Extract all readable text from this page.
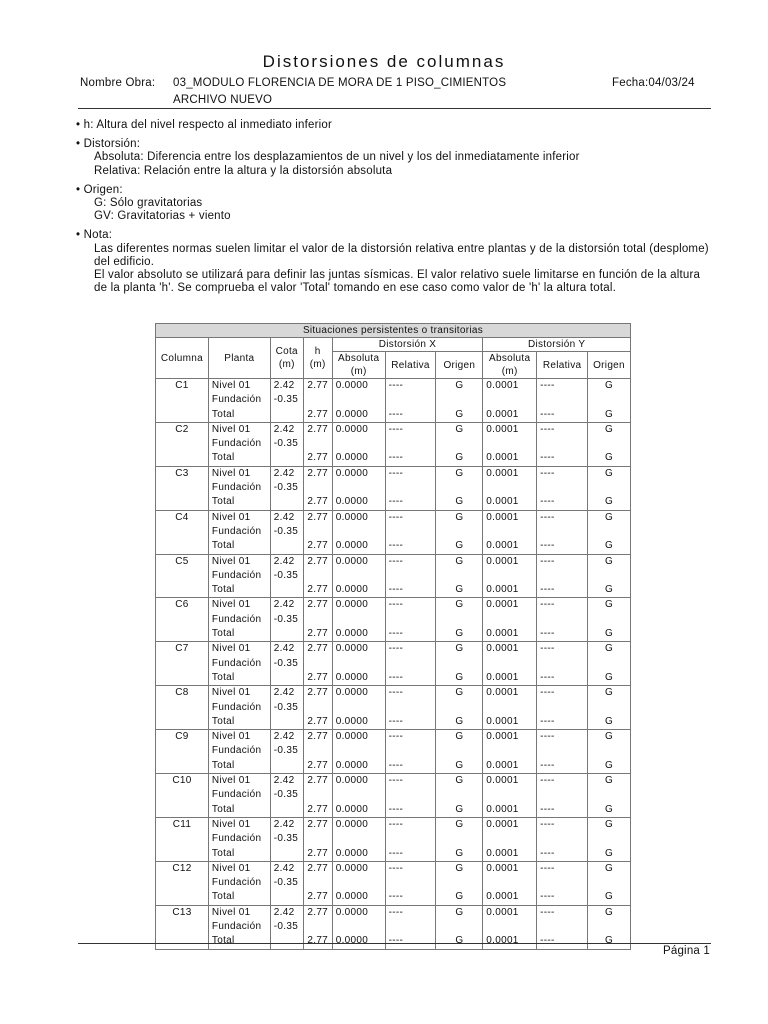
Distorsiones de columnas
Nombre Obra: 03_MODULO FLORENCIA DE MORA DE 1 PISO_CIMIENTOS
ARCHIVO NUEVO
Fecha:04/03/24
• h: Altura del nivel respecto al inmediato inferior
• Distorsión:
Absoluta: Diferencia entre los desplazamientos de un nivel y los del inmediatamente inferior
Relativa: Relación entre la altura y la distorsión absoluta
• Origen:
G: Sólo gravitatorias
GV: Gravitatorias + viento
• Nota:
Las diferentes normas suelen limitar el valor de la distorsión relativa entre plantas y de la distorsión total (desplome) del edificio.
El valor absoluto se utilizará para definir las juntas sísmicas. El valor relativo suele limitarse en función de la altura de la planta 'h'. Se comprueba el valor 'Total' tomando en ese caso como valor de 'h' la altura total.
Situaciones persistentes o transitorias									
Columna	Planta	Cota (m)	h (m)	Distorsión X			Distorsión Y		
				Absoluta (m)	Relativa	Origen	Absoluta (m)	Relativa	Origen
C1	Nivel 01	2.42	2.77	0.0000	----	G	0.0001	----	G
	Fundación	-0.35							
	Total		2.77	0.0000	----	G	0.0001	----	G
C2	Nivel 01	2.42	2.77	0.0000	----	G	0.0001	----	G
	Fundación	-0.35							
	Total		2.77	0.0000	----	G	0.0001	----	G
C3	Nivel 01	2.42	2.77	0.0000	----	G	0.0001	----	G
	Fundación	-0.35							
	Total		2.77	0.0000	----	G	0.0001	----	G
C4	Nivel 01	2.42	2.77	0.0000	----	G	0.0001	----	G
	Fundación	-0.35							
	Total		2.77	0.0000	----	G	0.0001	----	G
C5	Nivel 01	2.42	2.77	0.0000	----	G	0.0001	----	G
	Fundación	-0.35							
	Total		2.77	0.0000	----	G	0.0001	----	G
C6	Nivel 01	2.42	2.77	0.0000	----	G	0.0001	----	G
	Fundación	-0.35							
	Total		2.77	0.0000	----	G	0.0001	----	G
C7	Nivel 01	2.42	2.77	0.0000	----	G	0.0001	----	G
	Fundación	-0.35							
	Total		2.77	0.0000	----	G	0.0001	----	G
C8	Nivel 01	2.42	2.77	0.0000	----	G	0.0001	----	G
	Fundación	-0.35							
	Total		2.77	0.0000	----	G	0.0001	----	G
C9	Nivel 01	2.42	2.77	0.0000	----	G	0.0001	----	G
	Fundación	-0.35							
	Total		2.77	0.0000	----	G	0.0001	----	G
C10	Nivel 01	2.42	2.77	0.0000	----	G	0.0001	----	G
	Fundación	-0.35							
	Total		2.77	0.0000	----	G	0.0001	----	G
C11	Nivel 01	2.42	2.77	0.0000	----	G	0.0001	----	G
	Fundación	-0.35							
	Total		2.77	0.0000	----	G	0.0001	----	G
C12	Nivel 01	2.42	2.77	0.0000	----	G	0.0001	----	G
	Fundación	-0.35							
	Total		2.77	0.0000	----	G	0.0001	----	G
C13	Nivel 01	2.42	2.77	0.0000	----	G	0.0001	----	G
	Fundación	-0.35							
	Total		2.77	0.0000	----	G	0.0001	----	G
Página 1
